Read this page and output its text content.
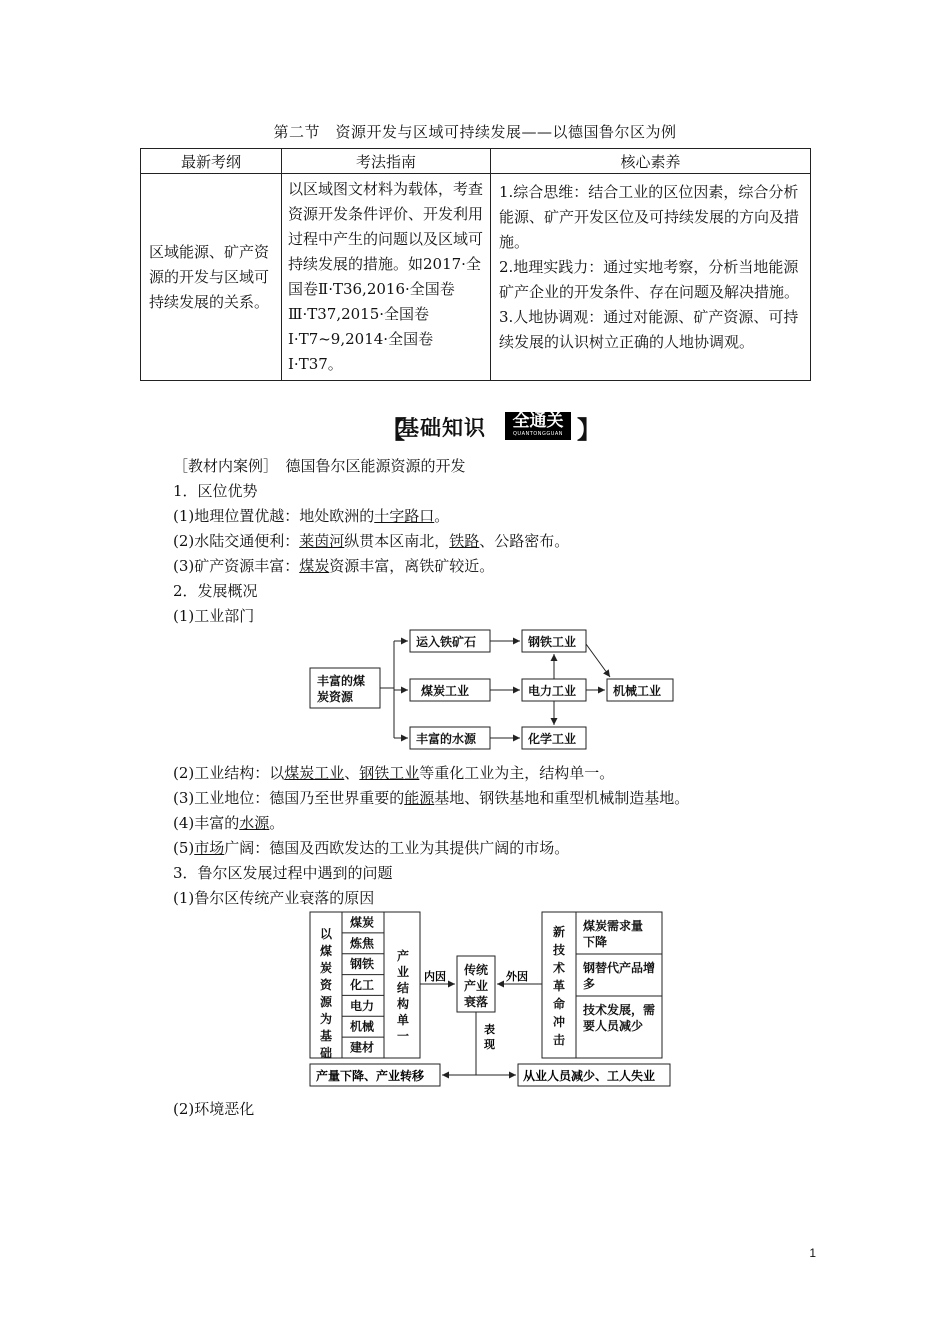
第二节　资源开发与区域可持续发展——以德国鲁尔区为例
最新考纲	考法指南	核心素养
区域能源、矿产资源的开发与区域可持续发展的关系。	以区域图文材料为载体，考查资源开发条件评价、开发利用过程中产生的问题以及区域可持续发展的措施。如2017·全国卷Ⅱ·T36,2016·全国卷Ⅲ·T37,2015·全国卷Ⅰ·T7~9,2014·全国卷Ⅰ·T37。	1.综合思维：结合工业的区位因素，综合分析能源、矿产开发区位及可持续发展的方向及措施。
2.地理实践力：通过实地考察，分析当地能源矿产企业的开发条件、存在问题及解决措施。
3.人地协调观：通过对能源、矿产资源、可持续发展的认识树立正确的人地协调观。
【
基础知识	全通关
QUANTONGGUAN 】
［教材内案例］　德国鲁尔区能源资源的开发
1．区位优势
(1)地理位置优越：地处欧洲的十字路口。
(2)水陆交通便利：莱茵河纵贯本区南北，铁路、公路密布。
(3)矿产资源丰富：煤炭资源丰富，离铁矿较近。
2．发展概况
(1)工业部门
丰富的煤
运入铁矿石
煤炭工业
丰富的水源
钢铁工业
电力工业
化学工业
机械工业
炭资源
(2)工业结构：以煤炭工业、钢铁工业等重化工业为主，结构单一。
(3)工业地位：德国乃至世界重要的能源基地、钢铁基地和重型机械制造基地。
(4)丰富的水源。
(5)市场广阔：德国及西欧发达的工业为其提供广阔的市场。
3．鲁尔区发展过程中遇到的问题
(1)鲁尔区传统产业衰落的原因
以
煤
炭
资
源
为
基
础
产
业
结
构
单
一
新
技
术
革
命
冲
击
煤炭
炼焦
钢铁
化工
电力
机械
建材
传统
产业
衰落
煤炭需求量
下降
钢替代产品增
多
技术发展，需
要人员减少
内因	外因
表
现
产量下降、产业转移	从业人员减少、工人失业
(2)环境恶化
1
